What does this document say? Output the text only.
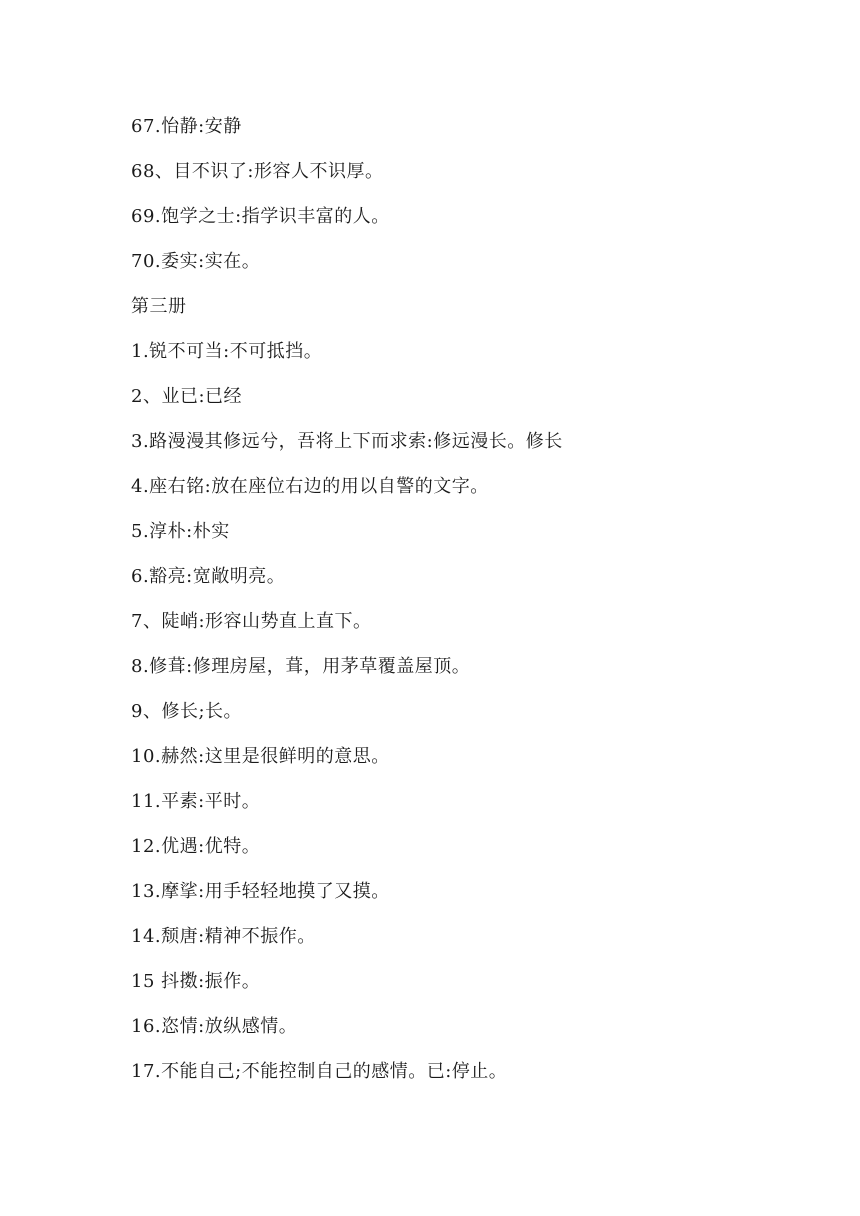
67.怡静:安静
68、目不识了:形容人不识厚。
69.饱学之士:指学识丰富的人。
70.委实:实在。
第三册
1.锐不可当:不可抵挡。
2、业已:已经
3.路漫漫其修远兮，吾将上下而求索:修远漫长。修长
4.座右铭:放在座位右边的用以自警的文字。
5.淳朴:朴实
6.豁亮:宽敞明亮。
7、陡峭:形容山势直上直下。
8.修葺:修理房屋，葺，用茅草覆盖屋顶。
9、修长;长。
10.赫然:这里是很鲜明的意思。
11.平素:平时。
12.优遇:优特。
13.摩挲:用手轻轻地摸了又摸。
14.颓唐:精神不振作。
15 抖擞:振作。
16.恣情:放纵感情。
17.不能自己;不能控制自己的感情。已:停止。
